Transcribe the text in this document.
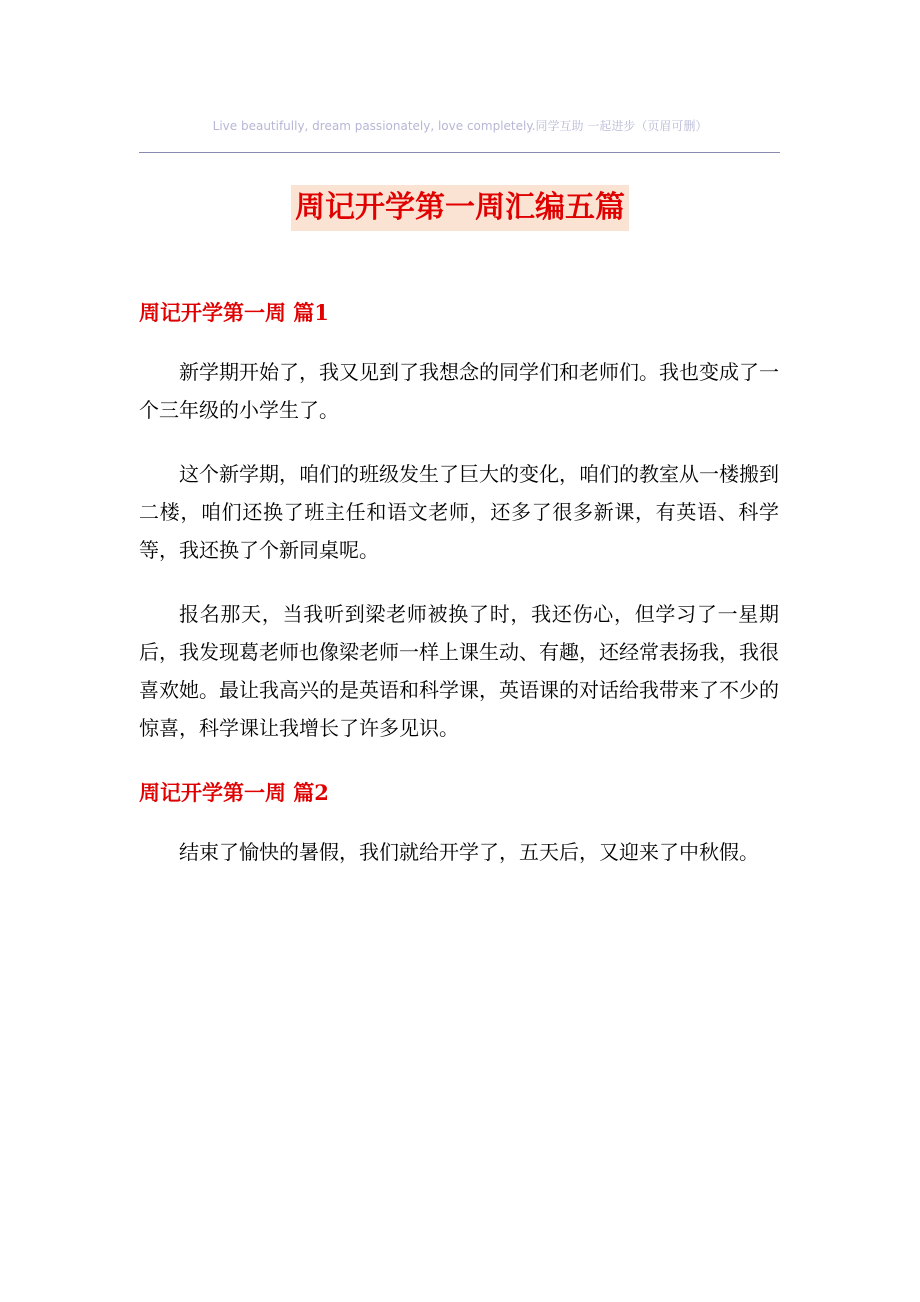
Live beautifully, dream passionately, love completely.同学互助 一起进步（页眉可删）
周记开学第一周汇编五篇
周记开学第一周 篇1

新学期开始了，我又见到了我想念的同学们和老师们。我也变成了一个三年级的小学生了。

这个新学期，咱们的班级发生了巨大的变化，咱们的教室从一楼搬到二楼，咱们还换了班主任和语文老师，还多了很多新课，有英语、科学等，我还换了个新同桌呢。

报名那天，当我听到梁老师被换了时，我还伤心，但学习了一星期后，我发现葛老师也像梁老师一样上课生动、有趣，还经常表扬我，我很喜欢她。最让我高兴的是英语和科学课，英语课的对话给我带来了不少的惊喜，科学课让我增长了许多见识。

周记开学第一周 篇2

结束了愉快的暑假，我们就给开学了，五天后，又迎来了中秋假。
